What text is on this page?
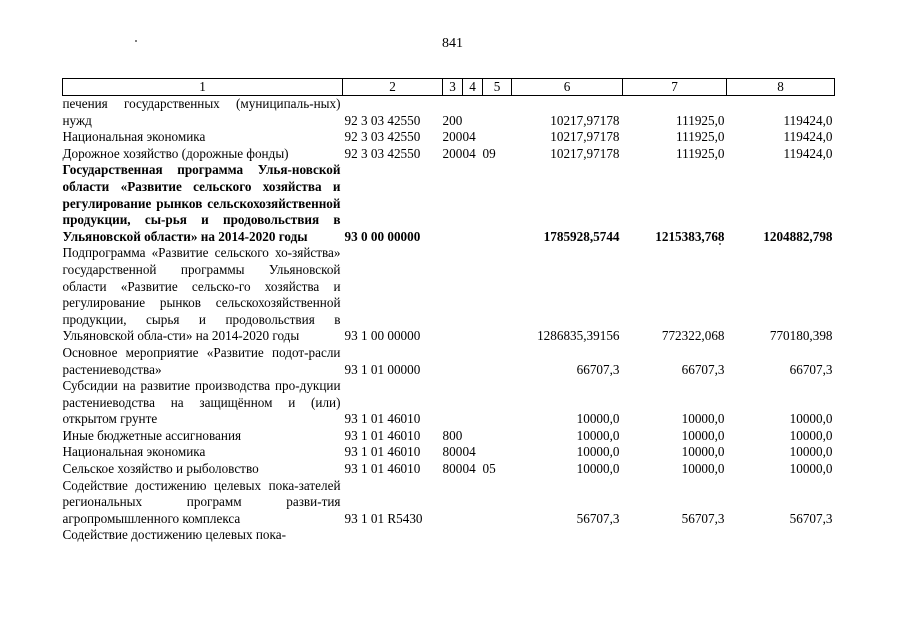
841
1	2	3	4	5	6	7	8
печения государственных (муниципаль-ных) нужд	92 3 03 42550	200			10217,97178	111925,0	119424,0
Национальная экономика	92 3 03 42550	200	04		10217,97178	111925,0	119424,0
Дорожное хозяйство (дорожные фонды)	92 3 03 42550	200	04	09	10217,97178	111925,0	119424,0
Государственная программа Улья-новской области «Развитие сельского хозяйства и регулирование рынков сельскохозяйственной продукции, сы-рья и продовольствия в Ульяновской области» на 2014-2020 годы	93 0 00 00000				1785928,5744	1215383,768	1204882,798
Подпрограмма «Развитие сельского хо-зяйства» государственной программы Ульяновской области «Развитие сельско-го хозяйства и регулирование рынков сельскохозяйственной продукции, сырья и продовольствия в Ульяновской обла-сти» на 2014-2020 годы	93 1 00 00000				1286835,39156	772322,068	770180,398
Основное мероприятие «Развитие подот-расли растениеводства»	93 1 01 00000				66707,3	66707,3	66707,3
Субсидии на развитие производства про-дукции растениеводства на защищённом и (или) открытом грунте	93 1 01 46010				10000,0	10000,0	10000,0
Иные бюджетные ассигнования	93 1 01 46010	800			10000,0	10000,0	10000,0
Национальная экономика	93 1 01 46010	800	04		10000,0	10000,0	10000,0
Сельское хозяйство и рыболовство	93 1 01 46010	800	04	05	10000,0	10000,0	10000,0
Содействие достижению целевых пока-зателей региональных программ разви-тия агропромышленного комплекса	93 1 01 R5430				56707,3	56707,3	56707,3
Содействие достижению целевых пока-							
